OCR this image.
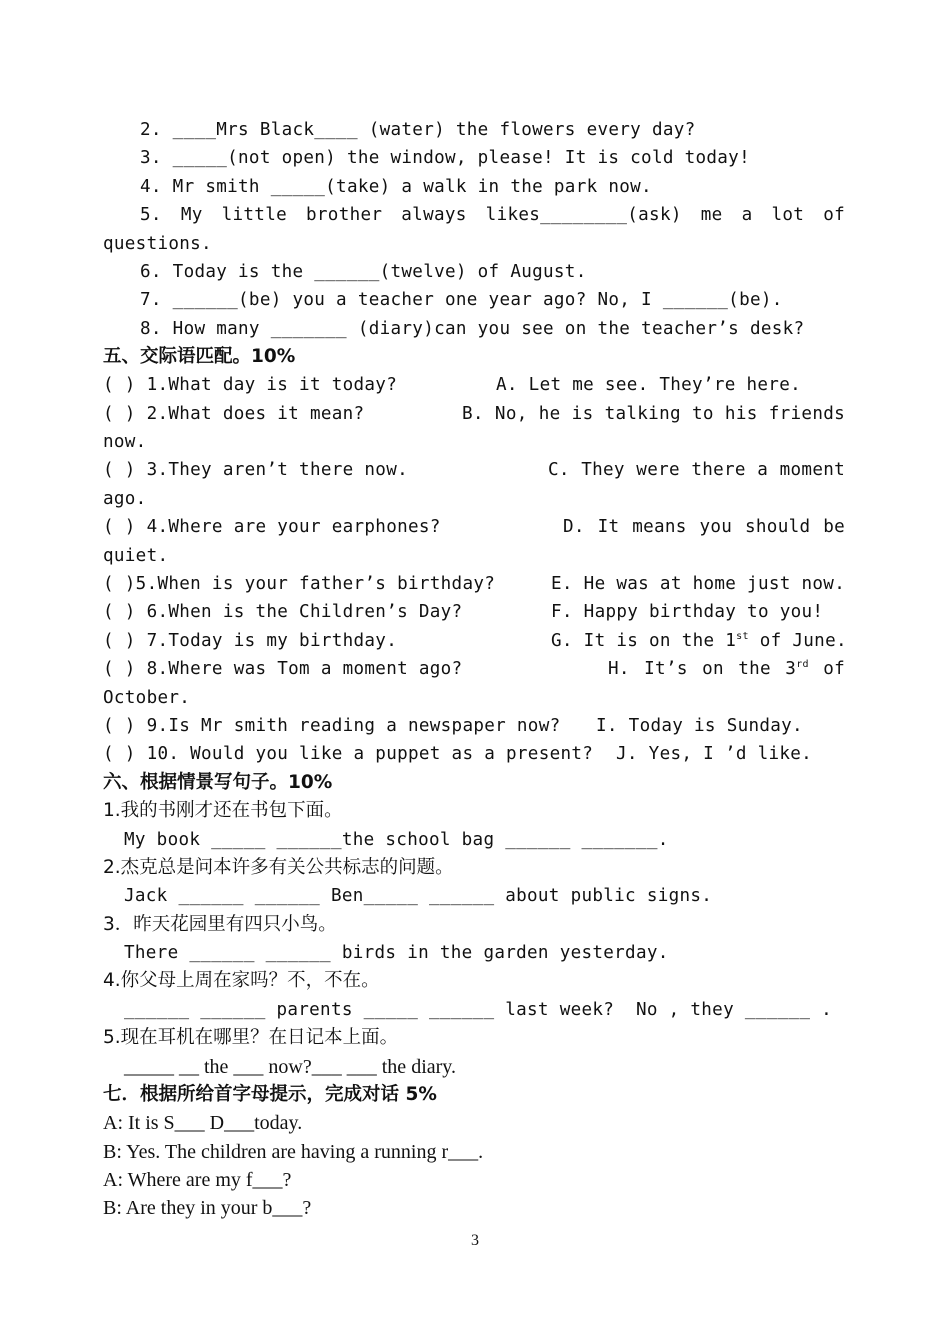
2. ____Mrs Black____ (water) the flowers every day?
3. _____(not open) the window, please! It is cold today!
4. Mr smith _____(take) a walk in the park now.
5. My little brother always likes________(ask) me a lot of
questions.
6. Today is the ______(twelve) of August.
7. ______(be) you a teacher one year ago? No, I ______(be).
8. How many _______ (diary)can you see on the teacher’s desk?
五、交际语匹配。10%
( ) 1.What day is it today?	A. Let me see. They’re here.
( ) 2.What does it mean?	B. No, he is talking to his friends
now.
( ) 3.They aren’t there now.	C. They were there a moment
ago.
( ) 4.Where are your earphones?	D. It means you should be
quiet.
( )5.When is your father’s birthday?	E. He was at home just now.
( ) 6.When is the Children’s Day?	F. Happy birthday to you!
( ) 7.Today is my birthday.	G. It is on the 1st of June.
( ) 8.Where was Tom a moment ago?	H. It’s on the 3rd of
October.
( ) 9.Is Mr smith reading a newspaper now? I. Today is Sunday.
( ) 10. Would you like a puppet as a present? J. Yes, I ’d like.
六、根据情景写句子。10%
1.我的书刚才还在书包下面。
My book _____ ______the school bag ______ _______.
2.杰克总是问本许多有关公共标志的问题。
Jack ______ ______ Ben_____ ______ about public signs.
3．昨天花园里有四只小鸟。
There ______ ______ birds in the garden yesterday.
4.你父母上周在家吗？不，不在。
______ ______ parents _____ ______ last week?  No , they ______ .
5.现在耳机在哪里？在日记本上面。
_____ __ the ___ now?___ ___ the diary.
七．根据所给首字母提示，完成对话 5%
A: It is S___ D___today.
B: Yes. The children are having a running r___.
A: Where are my f___?
B: Are they in your b___?
3
